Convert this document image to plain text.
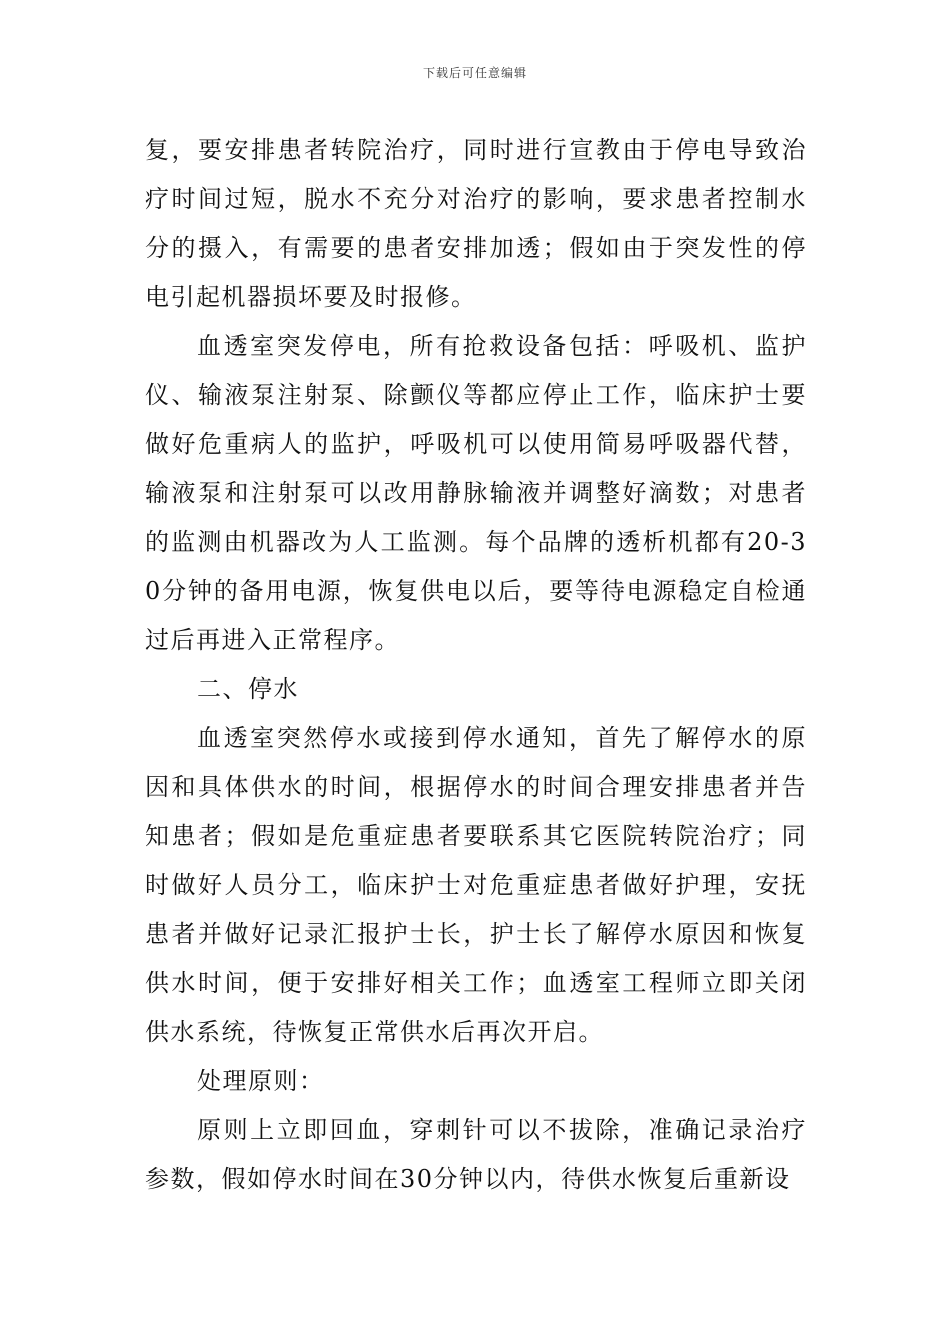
下载后可任意编辑

复，要安排患者转院治疗，同时进行宣教由于停电导致治疗时间过短，脱水不充分对治疗的影响，要求患者控制水分的摄入，有需要的患者安排加透；假如由于突发性的停电引起机器损坏要及时报修。

血透室突发停电，所有抢救设备包括：呼吸机、监护仪、输液泵注射泵、除颤仪等都应停止工作，临床护士要做好危重病人的监护，呼吸机可以使用简易呼吸器代替，输液泵和注射泵可以改用静脉输液并调整好滴数；对患者的监测由机器改为人工监测。每个品牌的透析机都有20-30分钟的备用电源，恢复供电以后，要等待电源稳定自检通过后再进入正常程序。

二、停水

血透室突然停水或接到停水通知，首先了解停水的原因和具体供水的时间，根据停水的时间合理安排患者并告知患者；假如是危重症患者要联系其它医院转院治疗；同时做好人员分工，临床护士对危重症患者做好护理，安抚患者并做好记录汇报护士长，护士长了解停水原因和恢复供水时间，便于安排好相关工作；血透室工程师立即关闭供水系统，待恢复正常供水后再次开启。

处理原则：

原则上立即回血，穿刺针可以不拔除，准确记录治疗参数，假如停水时间在30分钟以内，待供水恢复后重新设
